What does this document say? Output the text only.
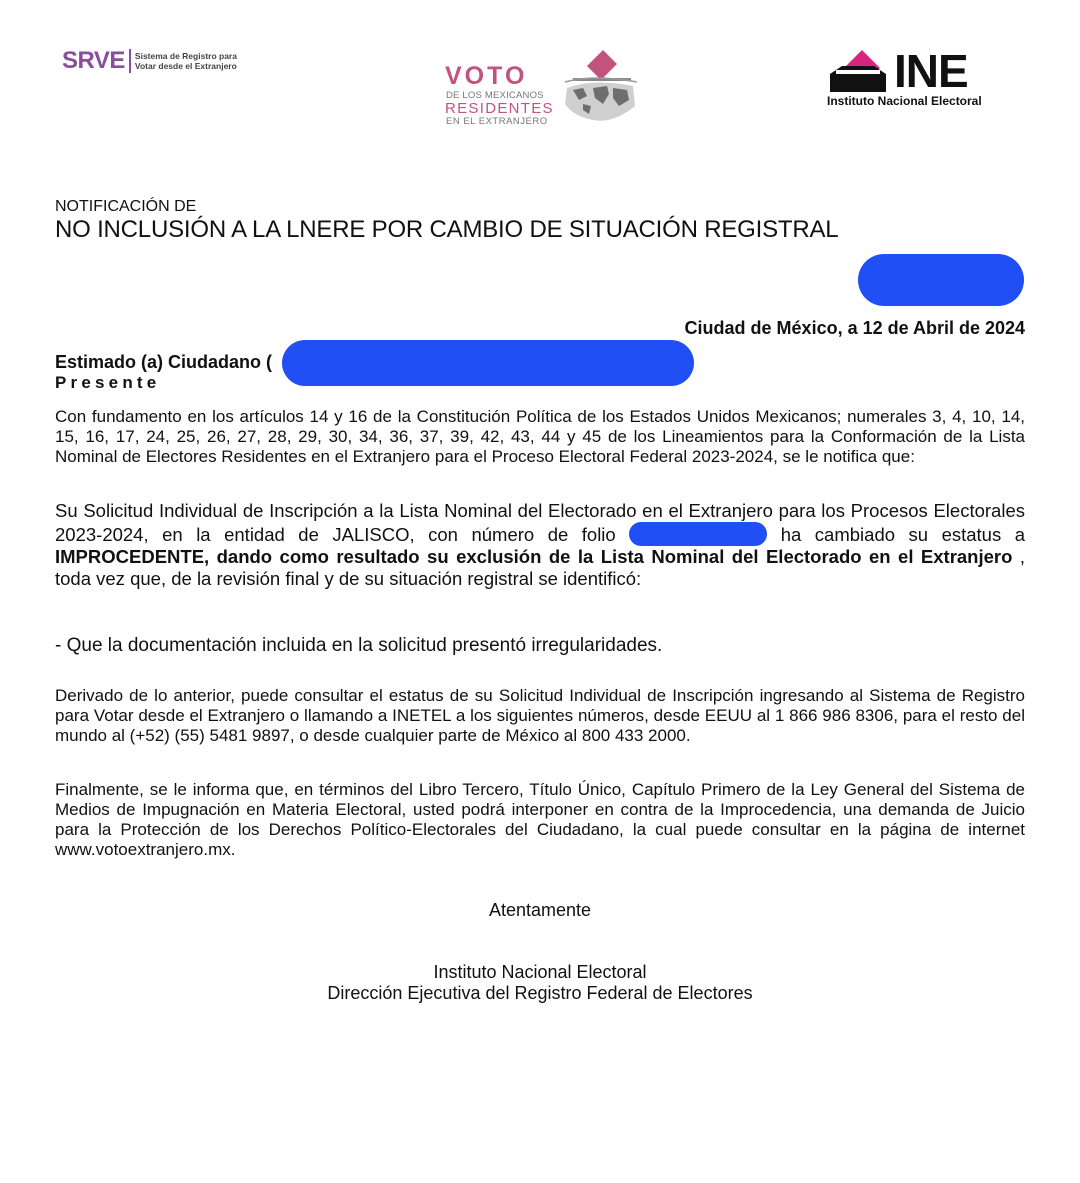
SRVE Sistema de Registro para
Votar desde el Extranjero	VOTO
DE LOS MEXICANOS
RESIDENTES
EN EL EXTRANJERO
INE
Instituto Nacional Electoral
NOTIFICACIÓN DE
NO INCLUSIÓN A LA LNERE POR CAMBIO DE SITUACIÓN REGISTRAL
Ciudad de México, a 12 de Abril de 2024
Estimado (a) Ciudadano (
Presente
Con fundamento en los artículos 14 y 16 de la Constitución Política de los Estados Unidos Mexicanos; numerales 3, 4, 10, 14, 15, 16, 17, 24, 25, 26, 27, 28, 29, 30, 34, 36, 37, 39, 42, 43, 44 y 45 de los Lineamientos para la Conformación de la Lista Nominal de Electores Residentes en el Extranjero para el Proceso Electoral Federal 2023-2024, se le notifica que:
Su Solicitud Individual de Inscripción a la Lista Nominal del Electorado en el Extranjero para los Procesos Electorales 2023-2024, en la entidad de JALISCO, con número de folio	ha cambiado su estatus a IMPROCEDENTE, dando como resultado su exclusión de la Lista Nominal del Electorado en el Extranjero , toda vez que, de la revisión final y de su situación registral se identificó:
- Que la documentación incluida en la solicitud presentó irregularidades.
Derivado de lo anterior, puede consultar el estatus de su Solicitud Individual de Inscripción ingresando al Sistema de Registro para Votar desde el Extranjero o llamando a INETEL a los siguientes números, desde EEUU al 1 866 986 8306, para el resto del mundo al (+52) (55) 5481 9897, o desde cualquier parte de México al 800 433 2000.
Finalmente, se le informa que, en términos del Libro Tercero, Título Único, Capítulo Primero de la Ley General del Sistema de Medios de Impugnación en Materia Electoral, usted podrá interponer en contra de la Improcedencia, una demanda de Juicio para la Protección de los Derechos Político-Electorales del Ciudadano, la cual puede consultar en la página de internet www.votoextranjero.mx.
Atentamente
Instituto Nacional Electoral
Dirección Ejecutiva del Registro Federal de Electores
